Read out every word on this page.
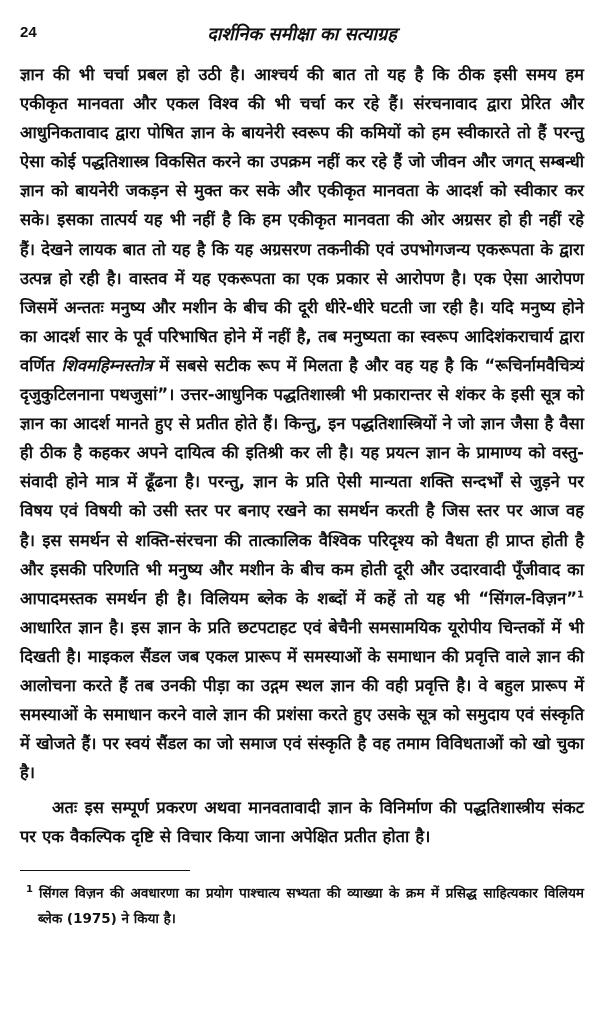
24	दार्शनिक समीक्षा का सत्याग्रह

ज्ञान की भी चर्चा प्रबल हो उठी है। आश्चर्य की बात तो यह है कि ठीक इसी समय हम एकीकृत मानवता और एकल विश्व की भी चर्चा कर रहे हैं। संरचनावाद द्वारा प्रेरित और आधुनिकतावाद द्वारा पोषित ज्ञान के बायनेरी स्वरूप की कमियों को हम स्वीकारते तो हैं परन्तु ऐसा कोई पद्धतिशास्त्र विकसित करने का उपक्रम नहीं कर रहे हैं जो जीवन और जगत् सम्बन्धी ज्ञान को बायनेरी जकड़न से मुक्त कर सके और एकीकृत मानवता के आदर्श को स्वीकार कर सके। इसका तात्पर्य यह भी नहीं है कि हम एकीकृत मानवता की ओर अग्रसर हो ही नहीं रहे हैं। देखने लायक बात तो यह है कि यह अग्रसरण तकनीकी एवं उपभोगजन्य एकरूपता के द्वारा उत्पन्न हो रही है। वास्तव में यह एकरूपता का एक प्रकार से आरोपण है। एक ऐसा आरोपण जिसमें अन्ततः मनुष्य और मशीन के बीच की दूरी धीरे-धीरे घटती जा रही है। यदि मनुष्य होने का आदर्श सार के पूर्व परिभाषित होने में नहीं है, तब मनुष्यता का स्वरूप आदिशंकराचार्य द्वारा वर्णित शिवमहिम्नस्तोत्र में सबसे सटीक रूप में मिलता है और वह यह है कि “रूचिर्नामवैचित्र्यं दृजुकुटिलनाना पथजुसां”। उत्तर-आधुनिक पद्धतिशास्त्री भी प्रकारान्तर से शंकर के इसी सूत्र को ज्ञान का आदर्श मानते हुए से प्रतीत होते हैं। किन्तु, इन पद्धतिशास्त्रियों ने जो ज्ञान जैसा है वैसा ही ठीक है कहकर अपने दायित्व की इतिश्री कर ली है। यह प्रयत्न ज्ञान के प्रामाण्य को वस्तु-संवादी होने मात्र में ढूँढना है। परन्तु, ज्ञान के प्रति ऐसी मान्यता शक्ति सन्दर्भों से जुड़ने पर विषय एवं विषयी को उसी स्तर पर बनाए रखने का समर्थन करती है जिस स्तर पर आज वह है। इस समर्थन से शक्ति-संरचना की तात्कालिक वैश्विक परिदृश्य को वैधता ही प्राप्त होती है और इसकी परिणति भी मनुष्य और मशीन के बीच कम होती दूरी और उदारवादी पूँजीवाद का आपादमस्तक समर्थन ही है। विलियम ब्लेक के शब्दों में कहें तो यह भी “सिंगल-विज़न”$^1$ आधारित ज्ञान है। इस ज्ञान के प्रति छटपटाहट एवं बेचैनी समसामयिक यूरोपीय चिन्तकों में भी दिखती है। माइकल सैंडल जब एकल प्रारूप में समस्याओं के समाधान की प्रवृत्ति वाले ज्ञान की आलोचना करते हैं तब उनकी पीड़ा का उद्गम स्थल ज्ञान की वही प्रवृत्ति है। वे बहुल प्रारूप में समस्याओं के समाधान करने वाले ज्ञान की प्रशंसा करते हुए उसके सूत्र को समुदाय एवं संस्कृति में खोजते हैं। पर स्वयं सैंडल का जो समाज एवं संस्कृति है वह तमाम विविधताओं को खो चुका है।

अतः इस सम्पूर्ण प्रकरण अथवा मानवतावादी ज्ञान के विनिर्माण की पद्धतिशास्त्रीय संकट पर एक वैकल्पिक दृष्टि से विचार किया जाना अपेक्षित प्रतीत होता है।

$^1$ सिंगल विज़न की अवधारणा का प्रयोग पाश्चात्य सभ्यता की व्याख्या के क्रम में प्रसिद्ध साहित्यकार विलियम ब्लेक (1975) ने किया है।
